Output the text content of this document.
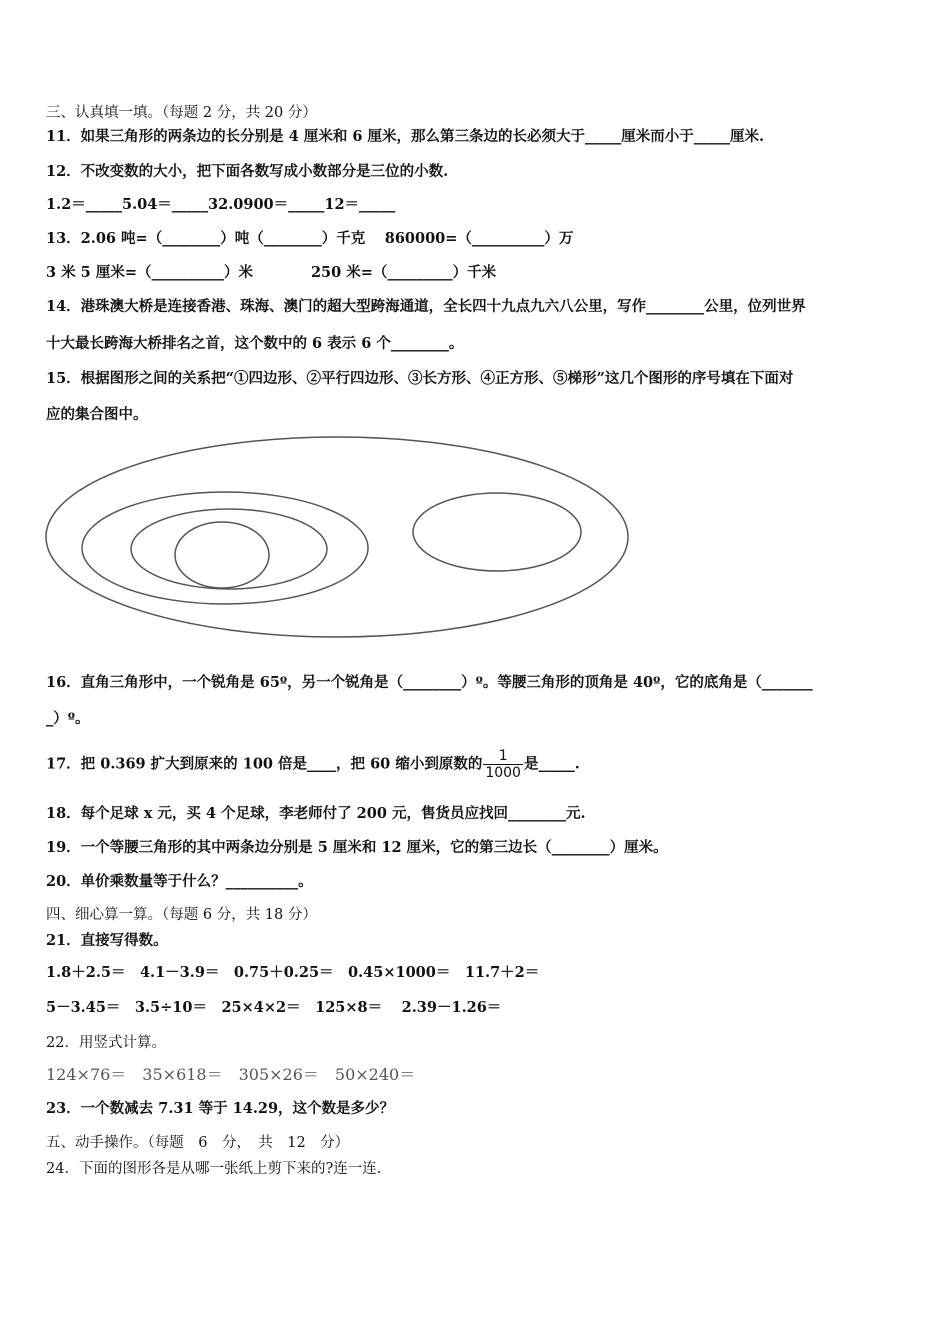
三、认真填一填。（每题 2 分，共 20 分）
11．如果三角形的两条边的长分别是 4 厘米和 6 厘米，那么第三条边的长必须大于_____厘米而小于_____厘米.
12．不改变数的大小，把下面各数写成小数部分是三位的小数.
1.2＝_____5.04＝_____32.0900＝_____12＝_____
13．2.06 吨=（________）吨（________）千克　 860000=（__________）万
3 米 5 厘米=（__________）米　　　　250 米=（_________）千米
14．港珠澳大桥是连接香港、珠海、澳门的超大型跨海通道，全长四十九点九六八公里，写作________公里，位列世界
十大最长跨海大桥排名之首，这个数中的 6 表示 6 个________。
15．根据图形之间的关系把“①四边形、②平行四边形、③长方形、④正方形、⑤梯形”这几个图形的序号填在下面对
应的集合图中。
16．直角三角形中，一个锐角是 65º，另一个锐角是（________）º。等腰三角形的顶角是 40º，它的底角是（_______
_）º。
17．把 0.369 扩大到原来的 100 倍是____，把 60 缩小到原数的 $\frac{1}{1000}$ 是_____.
18．每个足球 x 元，买 4 个足球，李老师付了 200 元，售货员应找回________元.
19．一个等腰三角形的其中两条边分别是 5 厘米和 12 厘米，它的第三边长（________）厘米。
20．单价乘数量等于什么？__________。
四、细心算一算。（每题 6 分，共 18 分）
21．直接写得数。
1.8＋2.5＝　4.1－3.9＝　0.75＋0.25＝　0.45×1000＝　11.7＋2＝
5－3.45＝　3.5÷10＝　25×4×2＝　125×8＝　 2.39－1.26＝
22．用竖式计算。
124×76＝　35×618＝　305×26＝　50×240＝
23．一个数减去 7.31 等于 14.29，这个数是多少？
五、动手操作。（每题　6　分，　共　12　分）
24．下面的图形各是从哪一张纸上剪下来的?连一连.
